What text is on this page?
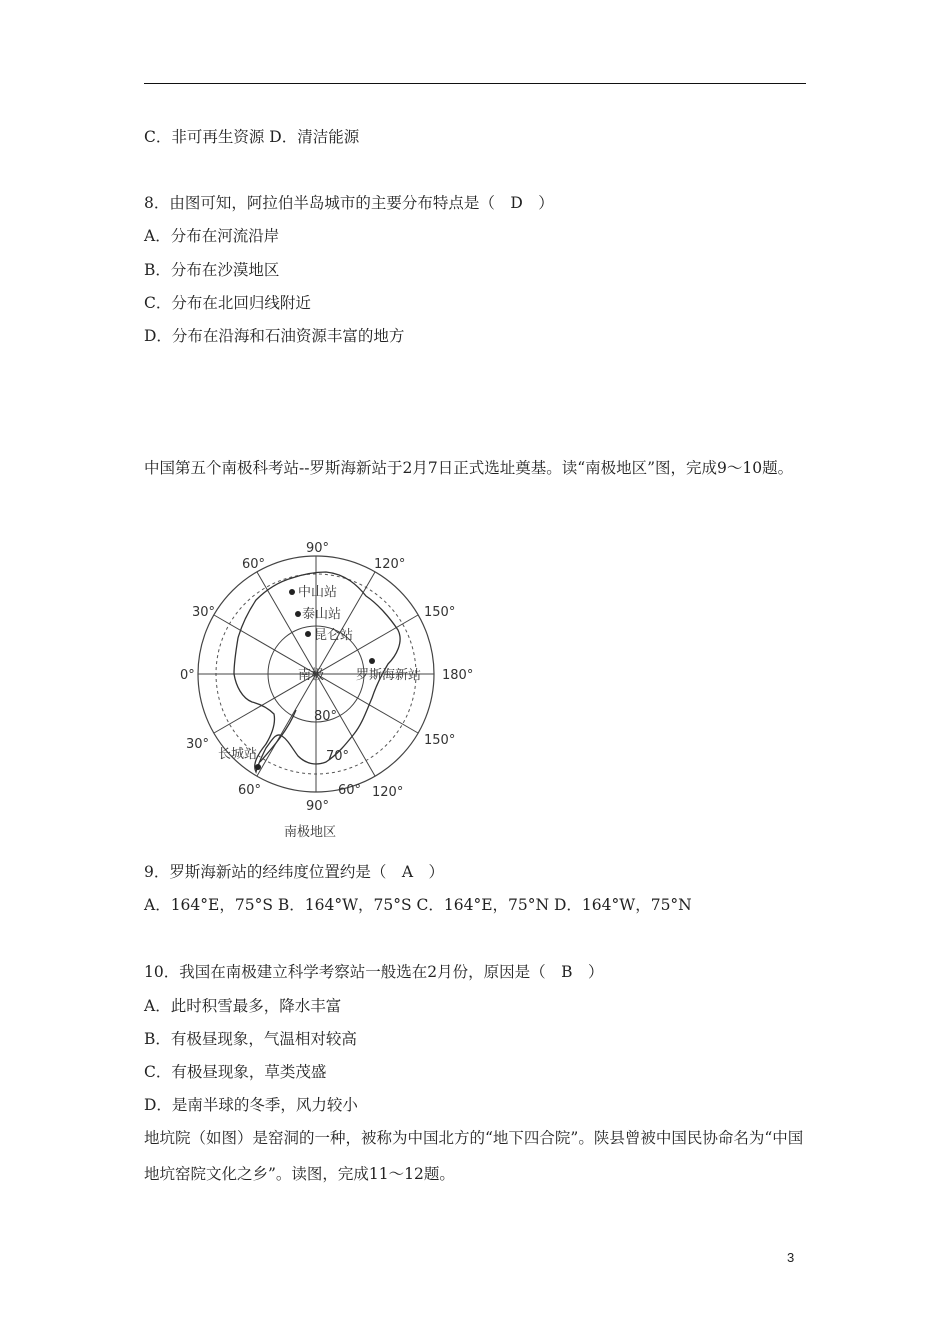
C．非可再生资源 D．清洁能源
8．由图可知，阿拉伯半岛城市的主要分布特点是（　D　）
A．分布在河流沿岸
B．分布在沙漠地区
C．分布在北回归线附近
D．分布在沿海和石油资源丰富的地方
中国第五个南极科考站--罗斯海新站于2月7日正式选址奠基。读“南极地区”图，完成9～10题。
90°
60°	120°
30°	150°
0°	180°
30°	150°
60°
90°
120°
南极
80°
70°
60°
中山站
泰山站
昆仑站
罗斯海新站
长城站
南极地区
9．罗斯海新站的经纬度位置约是（　A　）
A．164°E，75°S B．164°W，75°S C．164°E，75°N D．164°W，75°N
10．我国在南极建立科学考察站一般选在2月份，原因是（　B　）
A．此时积雪最多，降水丰富
B．有极昼现象，气温相对较高
C．有极昼现象，草类茂盛
D．是南半球的冬季，风力较小
地坑院（如图）是窑洞的一种，被称为中国北方的“地下四合院”。陕县曾被中国民协命名为“中国地坑窑院文化之乡”。读图，完成11～12题。
3
